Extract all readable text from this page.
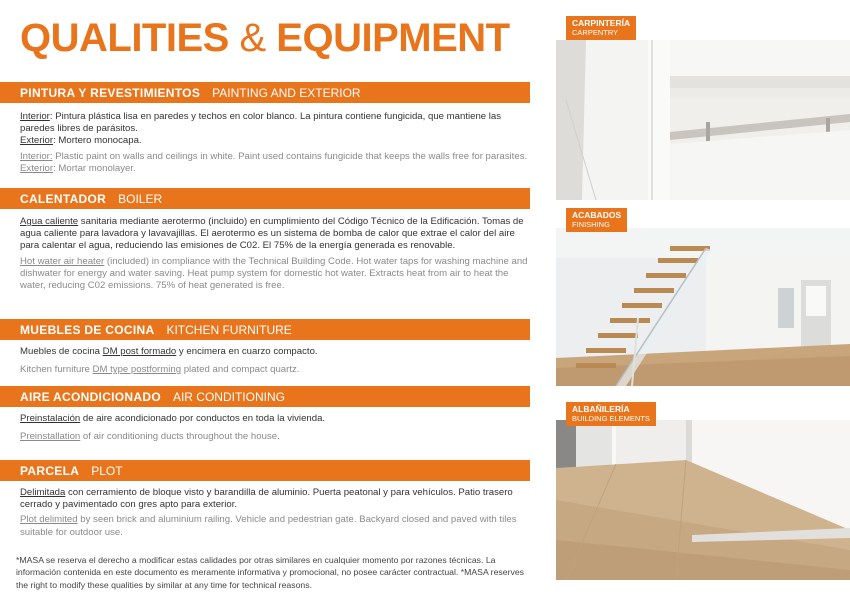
QUALITIES & EQUIPMENT
PINTURA Y REVESTIMIENTOS PAINTING AND EXTERIOR
Interior: Pintura plástica lisa en paredes y techos en color blanco. La pintura contiene fungicida, que mantiene las paredes libres de parásitos.
Exterior: Mortero monocapa.
Interior: Plastic paint on walls and ceilings in white. Paint used contains fungicide that keeps the walls free for parasites. Exterior: Mortar monolayer.
CALENTADOR BOILER
Agua caliente sanitaria mediante aerotermo (incluido) en cumplimiento del Código Técnico de la Edificación. Tomas de agua caliente para lavadora y lavavajillas. El aerotermo es un sistema de bomba de calor que extrae el calor del aire para calentar el agua, reduciendo las emisiones de C02. El 75% de la energía generada es renovable.
Hot water air heater (included) in compliance with the Technical Building Code. Hot water taps for washing machine and dishwater for energy and water saving. Heat pump system for domestic hot water. Extracts heat from air to heat the water, reducing C02 emissions. 75% of heat generated is free.
MUEBLES DE COCINA KITCHEN FURNITURE
Muebles de cocina DM post formado y encimera en cuarzo compacto.
Kitchen furniture DM type postforming plated and compact quartz.
AIRE ACONDICIONADO AIR CONDITIONING
Preinstalación de aire acondicionado por conductos en toda la vivienda.
Preinstallation of air conditioning ducts throughout the house.
PARCELA PLOT
Delimitada con cerramiento de bloque visto y barandilla de aluminio. Puerta peatonal y para vehículos. Patio trasero cerrado y pavimentado con gres apto para exterior.
Plot delimited by seen brick and aluminium railing. Vehicle and pedestrian gate. Backyard closed and paved with tiles suitable for outdoor use.
*MASA se reserva el derecho a modificar estas calidades por otras similares en cualquier momento por razones técnicas. La información contenida en este documento es meramente informativa y promocional, no posee carácter contractual. *MASA reserves the right to modify these qualities by similar at any time for technical reasons.
CARPINTERÍA
CARPENTRY
ACABADOS
FINISHING
ALBAÑILERÍA
BUILDING ELEMENTS
